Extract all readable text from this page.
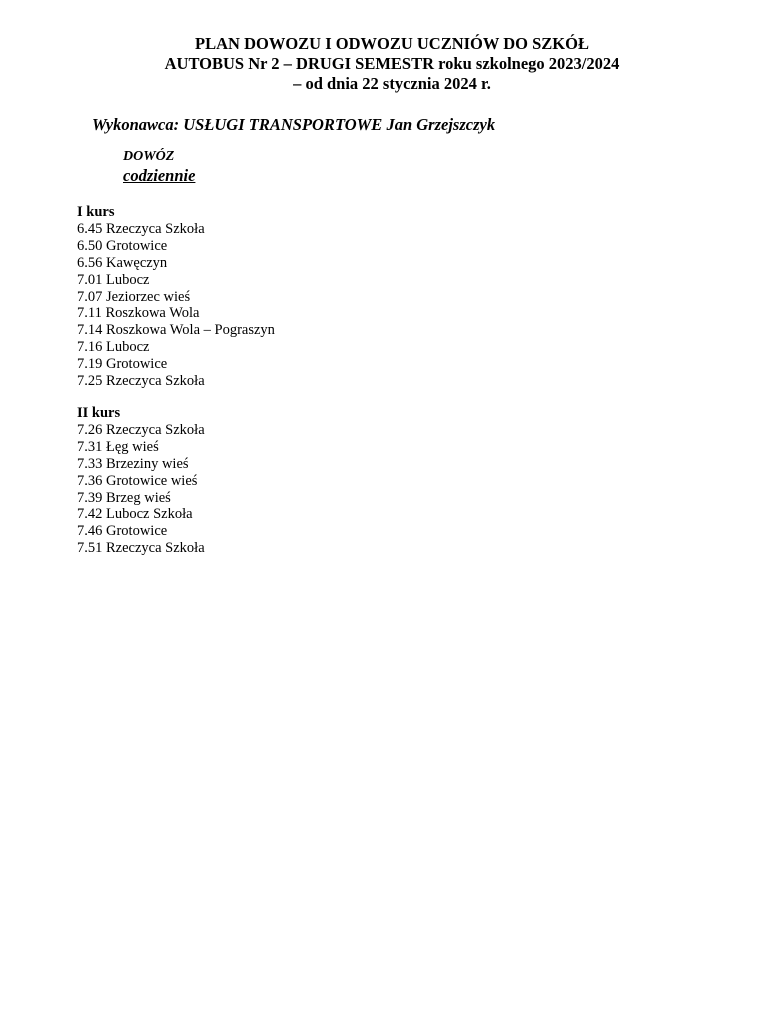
PLAN DOWOZU I ODWOZU UCZNIÓW DO SZKÓŁ
AUTOBUS Nr 2 – DRUGI SEMESTR roku szkolnego 2023/2024
– od dnia 22 stycznia 2024 r.
Wykonawca: USŁUGI TRANSPORTOWE Jan Grzejszczyk
DOWÓZ
codziennie
I kurs
6.45 Rzeczyca Szkoła
6.50 Grotowice
6.56 Kawęczyn
7.01 Lubocz
7.07 Jeziorzec wieś
7.11 Roszkowa Wola
7.14 Roszkowa Wola – Pograszyn
7.16 Lubocz
7.19 Grotowice
7.25 Rzeczyca Szkoła
II kurs
7.26 Rzeczyca Szkoła
7.31 Łęg wieś
7.33 Brzeziny wieś
7.36 Grotowice wieś
7.39 Brzeg wieś
7.42 Lubocz Szkoła
7.46 Grotowice
7.51 Rzeczyca Szkoła
